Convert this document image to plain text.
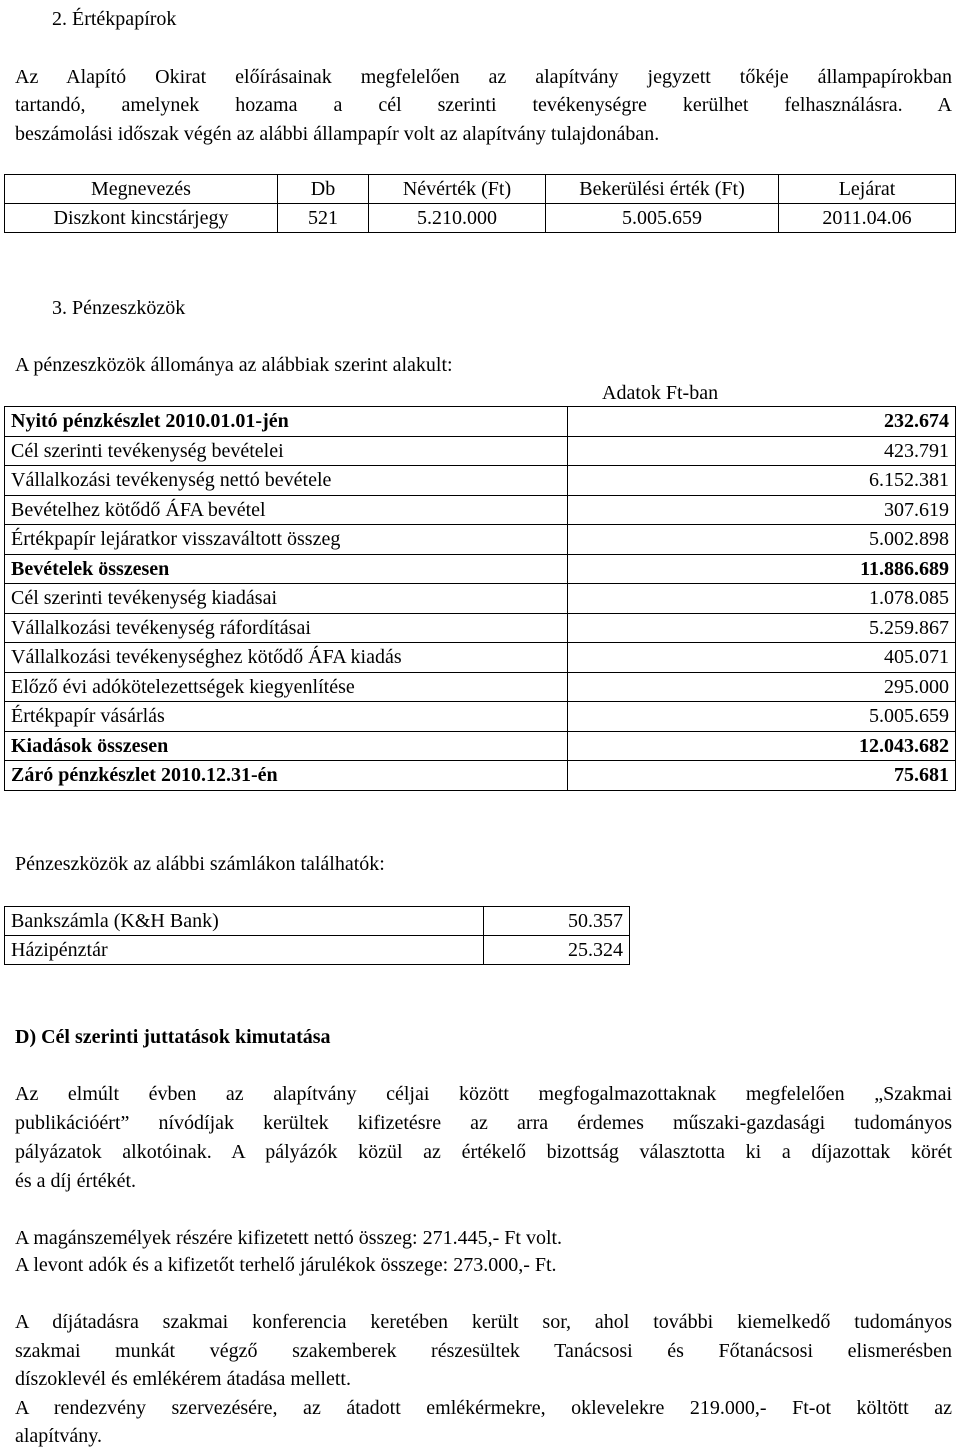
2. Értékpapírok
Az Alapító Okirat előírásainak megfelelően az alapítvány jegyzett tőkéje állampapírokban
tartandó, amelynek hozama a cél szerinti tevékenységre kerülhet felhasználásra. A
beszámolási időszak végén az alábbi állampapír volt az alapítvány tulajdonában.
Megnevezés	Db	Névérték (Ft)	Bekerülési érték (Ft)	Lejárat
Diszkont kincstárjegy	521	5.210.000	5.005.659	2011.04.06
3. Pénzeszközök
A pénzeszközök állománya az alábbiak szerint alakult:
Adatok Ft-ban
Nyitó pénzkészlet 2010.01.01-jén	232.674
Cél szerinti tevékenység bevételei	423.791
Vállalkozási tevékenység nettó bevétele	6.152.381
Bevételhez kötődő ÁFA bevétel	307.619
Értékpapír lejáratkor visszaváltott összeg	5.002.898
Bevételek összesen	11.886.689
Cél szerinti tevékenység kiadásai	1.078.085
Vállalkozási tevékenység ráfordításai	5.259.867
Vállalkozási tevékenységhez kötődő ÁFA kiadás	405.071
Előző évi adókötelezettségek kiegyenlítése	295.000
Értékpapír vásárlás	5.005.659
Kiadások összesen	12.043.682
Záró pénzkészlet 2010.12.31-én	75.681
Pénzeszközök az alábbi számlákon találhatók:
Bankszámla (K&H Bank)	50.357
Házipénztár	25.324
D) Cél szerinti juttatások kimutatása
Az elmúlt évben az alapítvány céljai között megfogalmazottaknak megfelelően „Szakmai
publikációért” nívódíjak kerültek kifizetésre az arra érdemes műszaki-gazdasági tudományos
pályázatok alkotóinak. A pályázók közül az értékelő bizottság választotta ki a díjazottak körét
és a díj értékét.
A magánszemélyek részére kifizetett nettó összeg: 271.445,- Ft volt.
A levont adók és a kifizetőt terhelő járulékok összege: 273.000,- Ft.
A díjátadásra szakmai konferencia keretében került sor, ahol további kiemelkedő tudományos
szakmai munkát végző szakemberek részesültek Tanácsosi és Főtanácsosi elismerésben
díszoklevél és emlékérem átadása mellett.
A rendezvény szervezésére, az átadott emlékérmekre, oklevelekre 219.000,- Ft-ot költött az
alapítvány.
